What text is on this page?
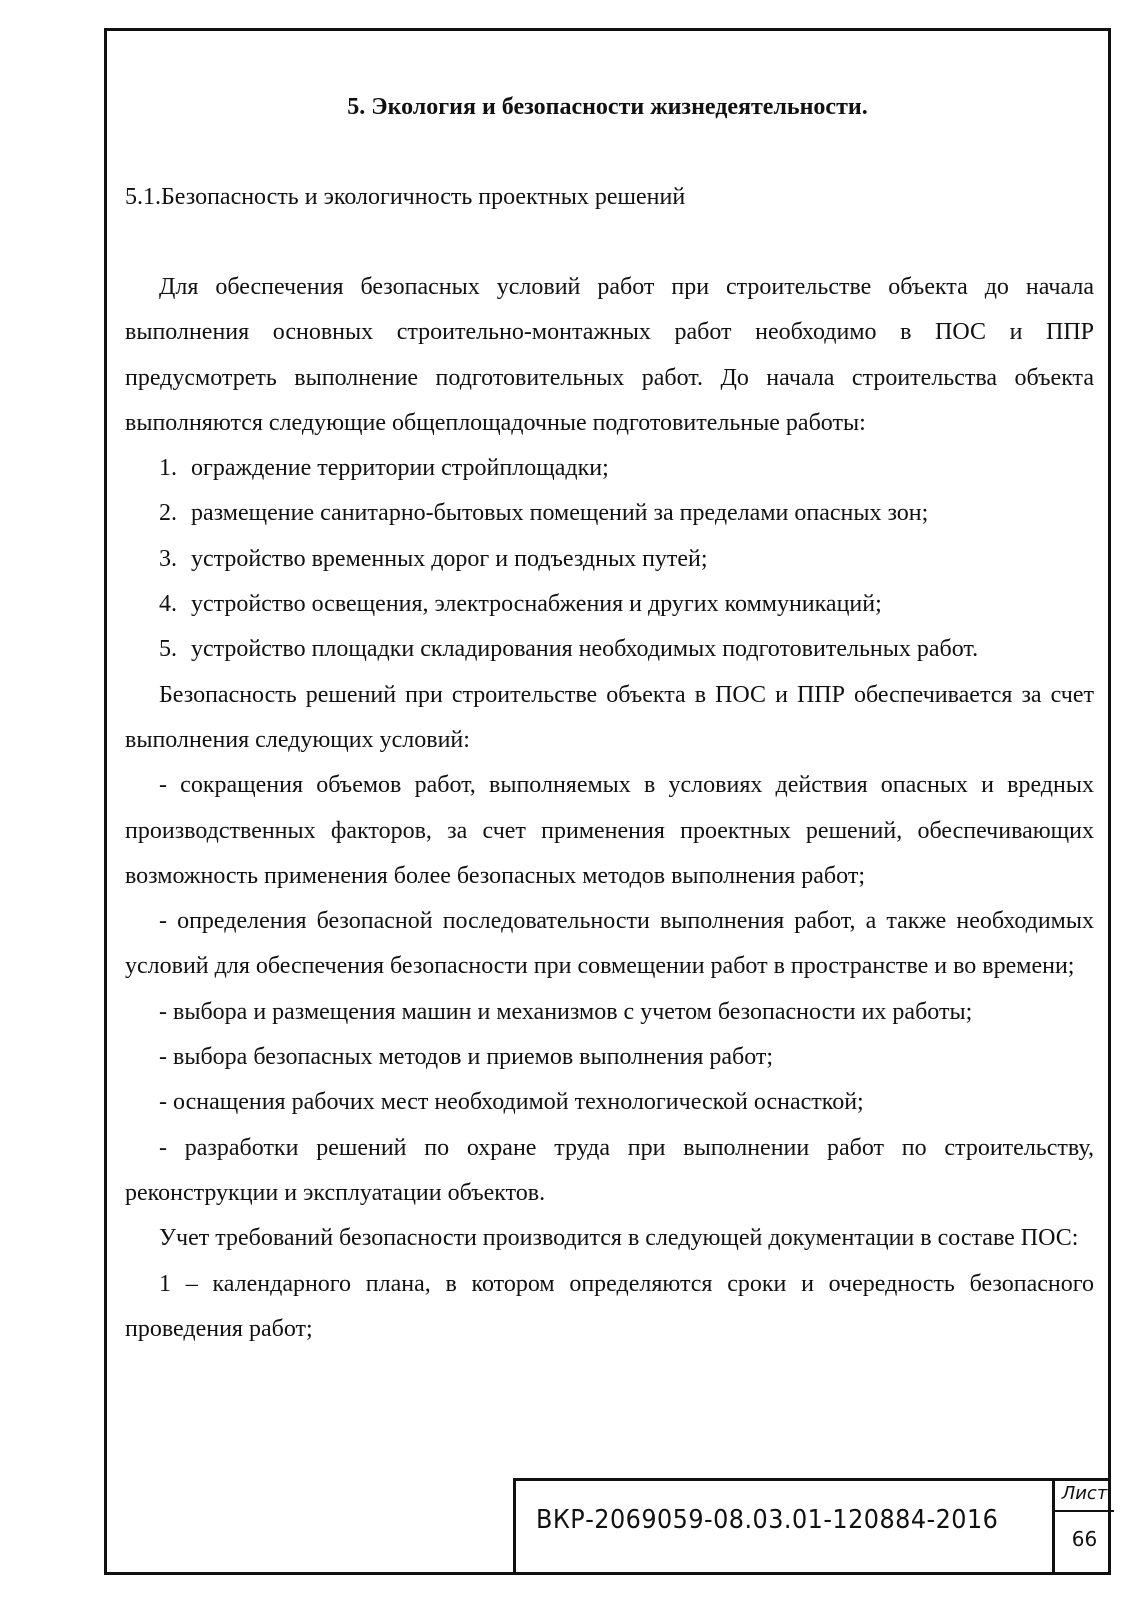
5. Экология и безопасности жизнедеятельности.
5.1.Безопасность и экологичность проектных решений

Для обеспечения безопасных условий работ при строительстве объекта до начала выполнения основных строительно-монтажных работ необходимо в ПОС и ППР предусмотреть выполнение подготовительных работ. До начала строительства объекта выполняются следующие общеплощадочные подготовительные работы:

1. ограждение территории стройплощадки;
2. размещение санитарно-бытовых помещений за пределами опасных зон;
3. устройство временных дорог и подъездных путей;
4. устройство освещения, электроснабжения и других коммуникаций;
5. устройство площадки складирования необходимых подготовительных работ.

Безопасность решений при строительстве объекта в ПОС и ППР обеспечивается за счет выполнения следующих условий:

- сокращения объемов работ, выполняемых в условиях действия опасных и вредных производственных факторов, за счет применения проектных решений, обеспечивающих возможность применения более безопасных методов выполнения работ;

- определения безопасной последовательности выполнения работ, а также необходимых условий для обеспечения безопасности при совмещении работ в пространстве и во времени;

- выбора и размещения машин и механизмов с учетом безопасности их работы;

- выбора безопасных методов и приемов выполнения работ;

- оснащения рабочих мест необходимой технологической оснасткой;

- разработки решений по охране труда при выполнении работ по строительству, реконструкции и эксплуатации объектов.

Учет требований безопасности производится в следующей документации в составе ПОС:

1 – календарного плана, в котором определяются сроки и очередность безопасного проведения работ;

ВКР-2069059-08.03.01-120884-2016
Лист
66
